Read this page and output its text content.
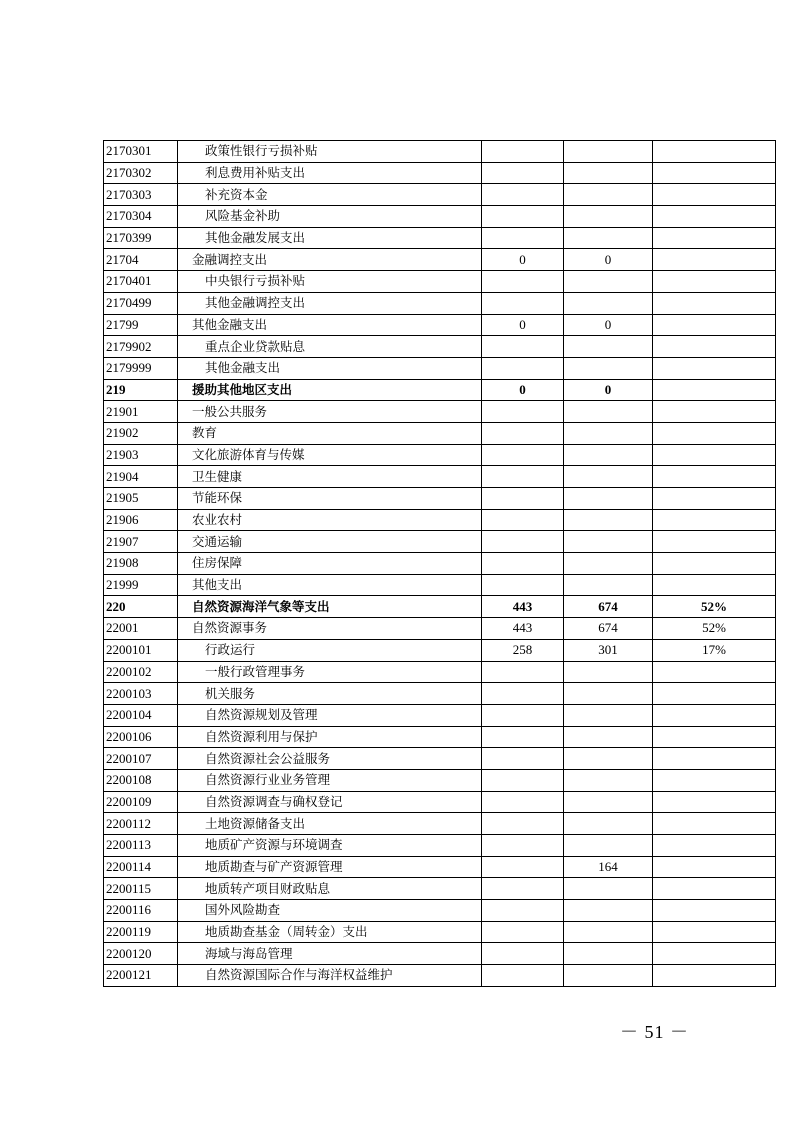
2170301	政策性银行亏损补贴			
2170302	利息费用补贴支出			
2170303	补充资本金			
2170304	风险基金补助			
2170399	其他金融发展支出			
21704	金融调控支出	0	0	
2170401	中央银行亏损补贴			
2170499	其他金融调控支出			
21799	其他金融支出	0	0	
2179902	重点企业贷款贴息			
2179999	其他金融支出			
219	援助其他地区支出	0	0	
21901	一般公共服务			
21902	教育			
21903	文化旅游体育与传媒			
21904	卫生健康			
21905	节能环保			
21906	农业农村			
21907	交通运输			
21908	住房保障			
21999	其他支出			
220	自然资源海洋气象等支出	443	674	52%
22001	自然资源事务	443	674	52%
2200101	行政运行	258	301	17%
2200102	一般行政管理事务			
2200103	机关服务			
2200104	自然资源规划及管理			
2200106	自然资源利用与保护			
2200107	自然资源社会公益服务			
2200108	自然资源行业业务管理			
2200109	自然资源调查与确权登记			
2200112	土地资源储备支出			
2200113	地质矿产资源与环境调查			
2200114	地质勘查与矿产资源管理		164	
2200115	地质转产项目财政贴息			
2200116	国外风险勘查			
2200119	地质勘查基金（周转金）支出			
2200120	海域与海岛管理			
2200121	自然资源国际合作与海洋权益维护			
－ 51 －
